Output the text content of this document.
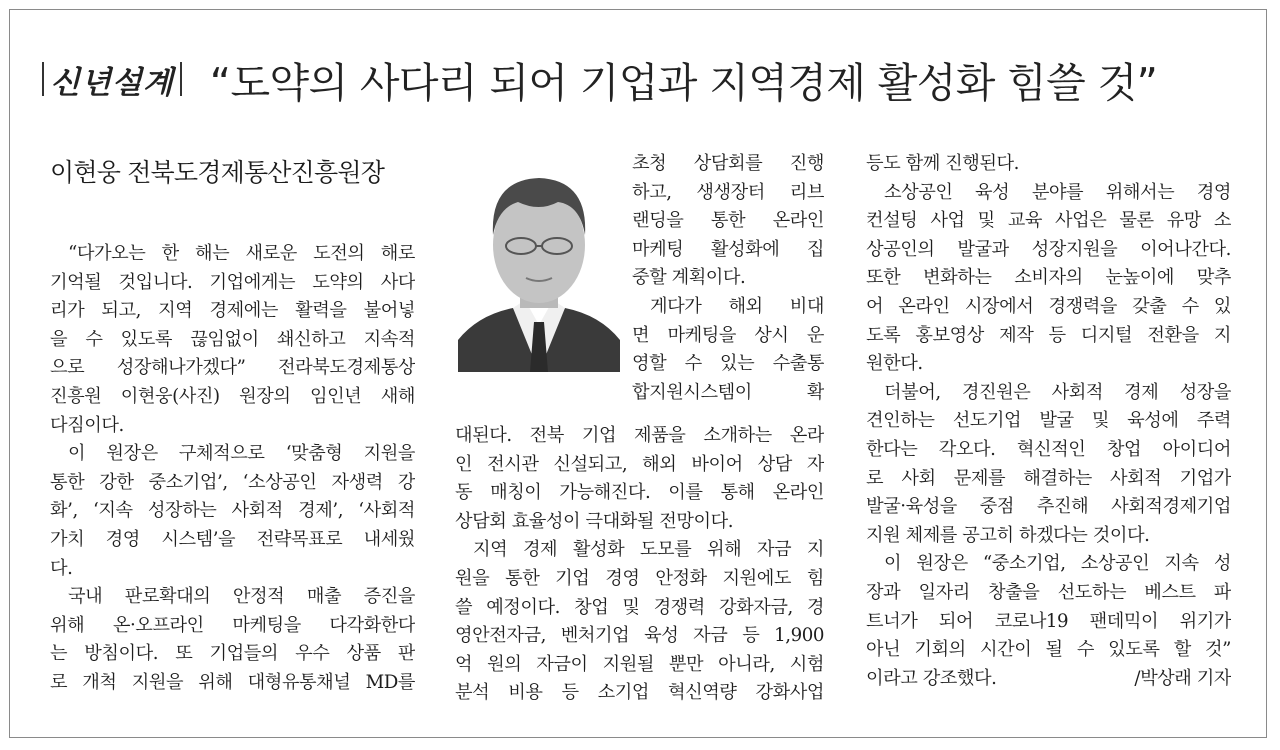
신년설계 “도약의 사다리 되어 기업과 지역경제 활성화 힘쓸 것”
이현웅 전북도경제통산진흥원장
“다가오는 한 해는 새로운 도전의 해로
기억될 것입니다. 기업에게는 도약의 사다
리가 되고, 지역 경제에는 활력을 불어넣
을 수 있도록 끊임없이 쇄신하고 지속적
으로 성장해나가겠다” 전라북도경제통상
진흥원 이현웅(사진) 원장의 임인년 새해
다짐이다.
이 원장은 구체적으로 ‘맞춤형 지원을
통한 강한 중소기업’, ‘소상공인 자생력 강
화’, ‘지속 성장하는 사회적 경제’, ‘사회적
가치 경영 시스템’을 전략목표로 내세웠
다.
국내 판로확대의 안정적 매출 증진을
위해 온·오프라인 마케팅을 다각화한다
는 방침이다. 또 기업들의 우수 상품 판
로 개척 지원을 위해 대형유통채널 MD를
초청 상담회를 진행
하고, 생생장터 리브
랜딩을 통한 온라인
마케팅 활성화에 집
중할 계획이다.
게다가 해외 비대
면 마케팅을 상시 운
영할 수 있는 수출통
합지원시스템이 확
대된다. 전북 기업 제품을 소개하는 온라
인 전시관 신설되고, 해외 바이어 상담 자
동 매칭이 가능해진다. 이를 통해 온라인
상담회 효율성이 극대화될 전망이다.
지역 경제 활성화 도모를 위해 자금 지
원을 통한 기업 경영 안정화 지원에도 힘
쓸 예정이다. 창업 및 경쟁력 강화자금, 경
영안전자금, 벤처기업 육성 자금 등 1,900
억 원의 자금이 지원될 뿐만 아니라, 시험
분석 비용 등 소기업 혁신역량 강화사업
등도 함께 진행된다.
소상공인 육성 분야를 위해서는 경영
컨설팅 사업 및 교육 사업은 물론 유망 소
상공인의 발굴과 성장지원을 이어나간다.
또한 변화하는 소비자의 눈높이에 맞추
어 온라인 시장에서 경쟁력을 갖출 수 있
도록 홍보영상 제작 등 디지털 전환을 지
원한다.
더불어, 경진원은 사회적 경제 성장을
견인하는 선도기업 발굴 및 육성에 주력
한다는 각오다. 혁신적인 창업 아이디어
로 사회 문제를 해결하는 사회적 기업가
발굴·육성을 중점 추진해 사회적경제기업
지원 체제를 공고히 하겠다는 것이다.
이 원장은 “중소기업, 소상공인 지속 성
장과 일자리 창출을 선도하는 베스트 파
트너가 되어 코로나19 팬데믹이 위기가
아닌 기회의 시간이 될 수 있도록 할 것”
이라고 강조했다.	/박상래 기자
